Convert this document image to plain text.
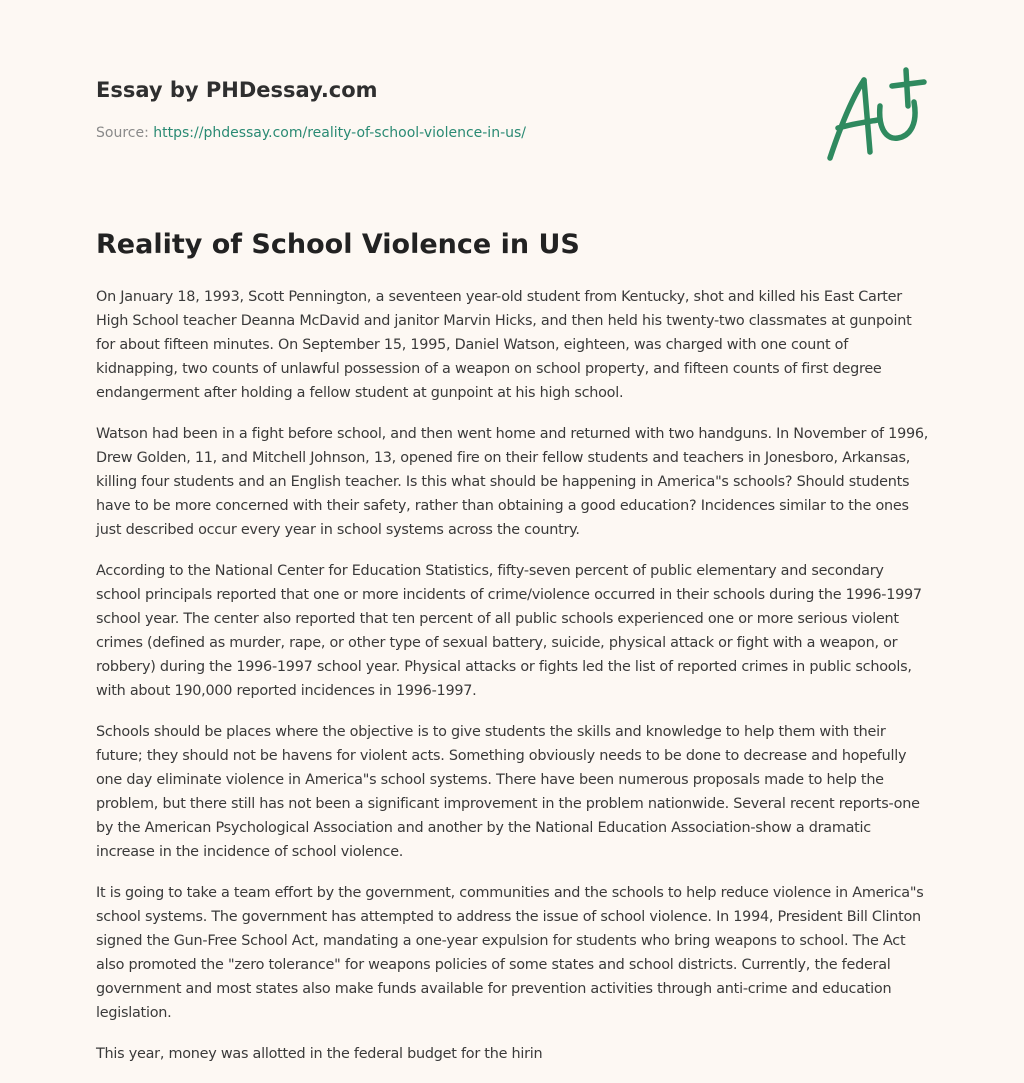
Essay by PHDessay.com
Source: https://phdessay.com/reality-of-school-violence-in-us/
Reality of School Violence in US

On January 18, 1993, Scott Pennington, a seventeen year-old student from Kentucky, shot and killed his East Carter High School teacher Deanna McDavid and janitor Marvin Hicks, and then held his twenty-two classmates at gunpoint for about fifteen minutes. On September 15, 1995, Daniel Watson, eighteen, was charged with one count of kidnapping, two counts of unlawful possession of a weapon on school property, and fifteen counts of first degree endangerment after holding a fellow student at gunpoint at his high school.

Watson had been in a fight before school, and then went home and returned with two handguns. In November of 1996, Drew Golden, 11, and Mitchell Johnson, 13, opened fire on their fellow students and teachers in Jonesboro, Arkansas, killing four students and an English teacher. Is this what should be happening in America"s schools? Should students have to be more concerned with their safety, rather than obtaining a good education? Incidences similar to the ones just described occur every year in school systems across the country.

According to the National Center for Education Statistics, fifty-seven percent of public elementary and secondary school principals reported that one or more incidents of crime/violence occurred in their schools during the 1996-1997 school year. The center also reported that ten percent of all public schools experienced one or more serious violent crimes (defined as murder, rape, or other type of sexual battery, suicide, physical attack or fight with a weapon, or robbery) during the 1996-1997 school year. Physical attacks or fights led the list of reported crimes in public schools, with about 190,000 reported incidences in 1996-1997.

Schools should be places where the objective is to give students the skills and knowledge to help them with their future; they should not be havens for violent acts. Something obviously needs to be done to decrease and hopefully one day eliminate violence in America"s school systems. There have been numerous proposals made to help the problem, but there still has not been a significant improvement in the problem nationwide. Several recent reports-one by the American Psychological Association and another by the National Education Association-show a dramatic increase in the incidence of school violence.

It is going to take a team effort by the government, communities and the schools to help reduce violence in America"s school systems. The government has attempted to address the issue of school violence. In 1994, President Bill Clinton signed the Gun-Free School Act, mandating a one-year expulsion for students who bring weapons to school. The Act also promoted the "zero tolerance" for weapons policies of some states and school districts. Currently, the federal government and most states also make funds available for prevention activities through anti-crime and education legislation.

This year, money was allotted in the federal budget for the hirin
